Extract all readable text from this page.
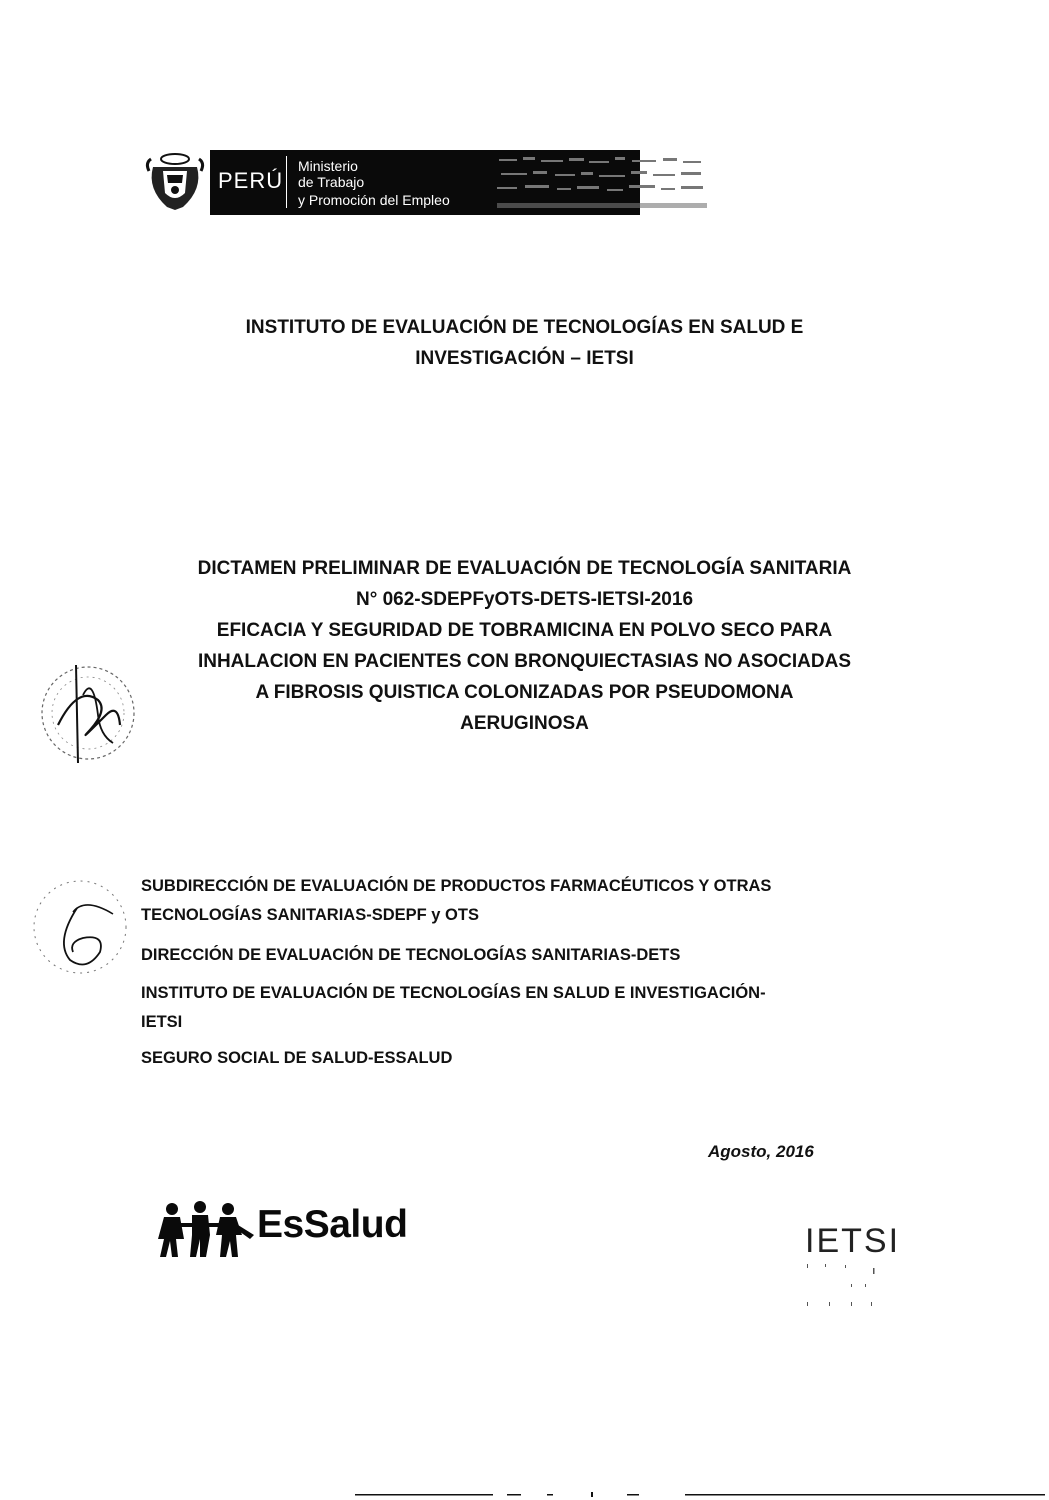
PERÚ
Ministerio
de Trabajo
y Promoción del Empleo
INSTITUTO DE EVALUACIÓN DE TECNOLOGÍAS EN SALUD E
INVESTIGACIÓN – IETSI
DICTAMEN PRELIMINAR DE EVALUACIÓN DE TECNOLOGÍA SANITARIA
N° 062-SDEPFyOTS-DETS-IETSI-2016
EFICACIA Y SEGURIDAD DE TOBRAMICINA EN POLVO SECO PARA
INHALACION EN PACIENTES CON BRONQUIECTASIAS NO ASOCIADAS
A FIBROSIS QUISTICA COLONIZADAS POR PSEUDOMONA
AERUGINOSA
SUBDIRECCIÓN DE EVALUACIÓN DE PRODUCTOS FARMACÉUTICOS Y OTRAS
TECNOLOGÍAS SANITARIAS-SDEPF y OTS
DIRECCIÓN DE EVALUACIÓN DE TECNOLOGÍAS SANITARIAS-DETS
INSTITUTO DE EVALUACIÓN DE TECNOLOGÍAS EN SALUD E INVESTIGACIÓN-
IETSI
SEGURO SOCIAL DE SALUD-ESSALUD
Agosto, 2016
EsSalud	IETSI
